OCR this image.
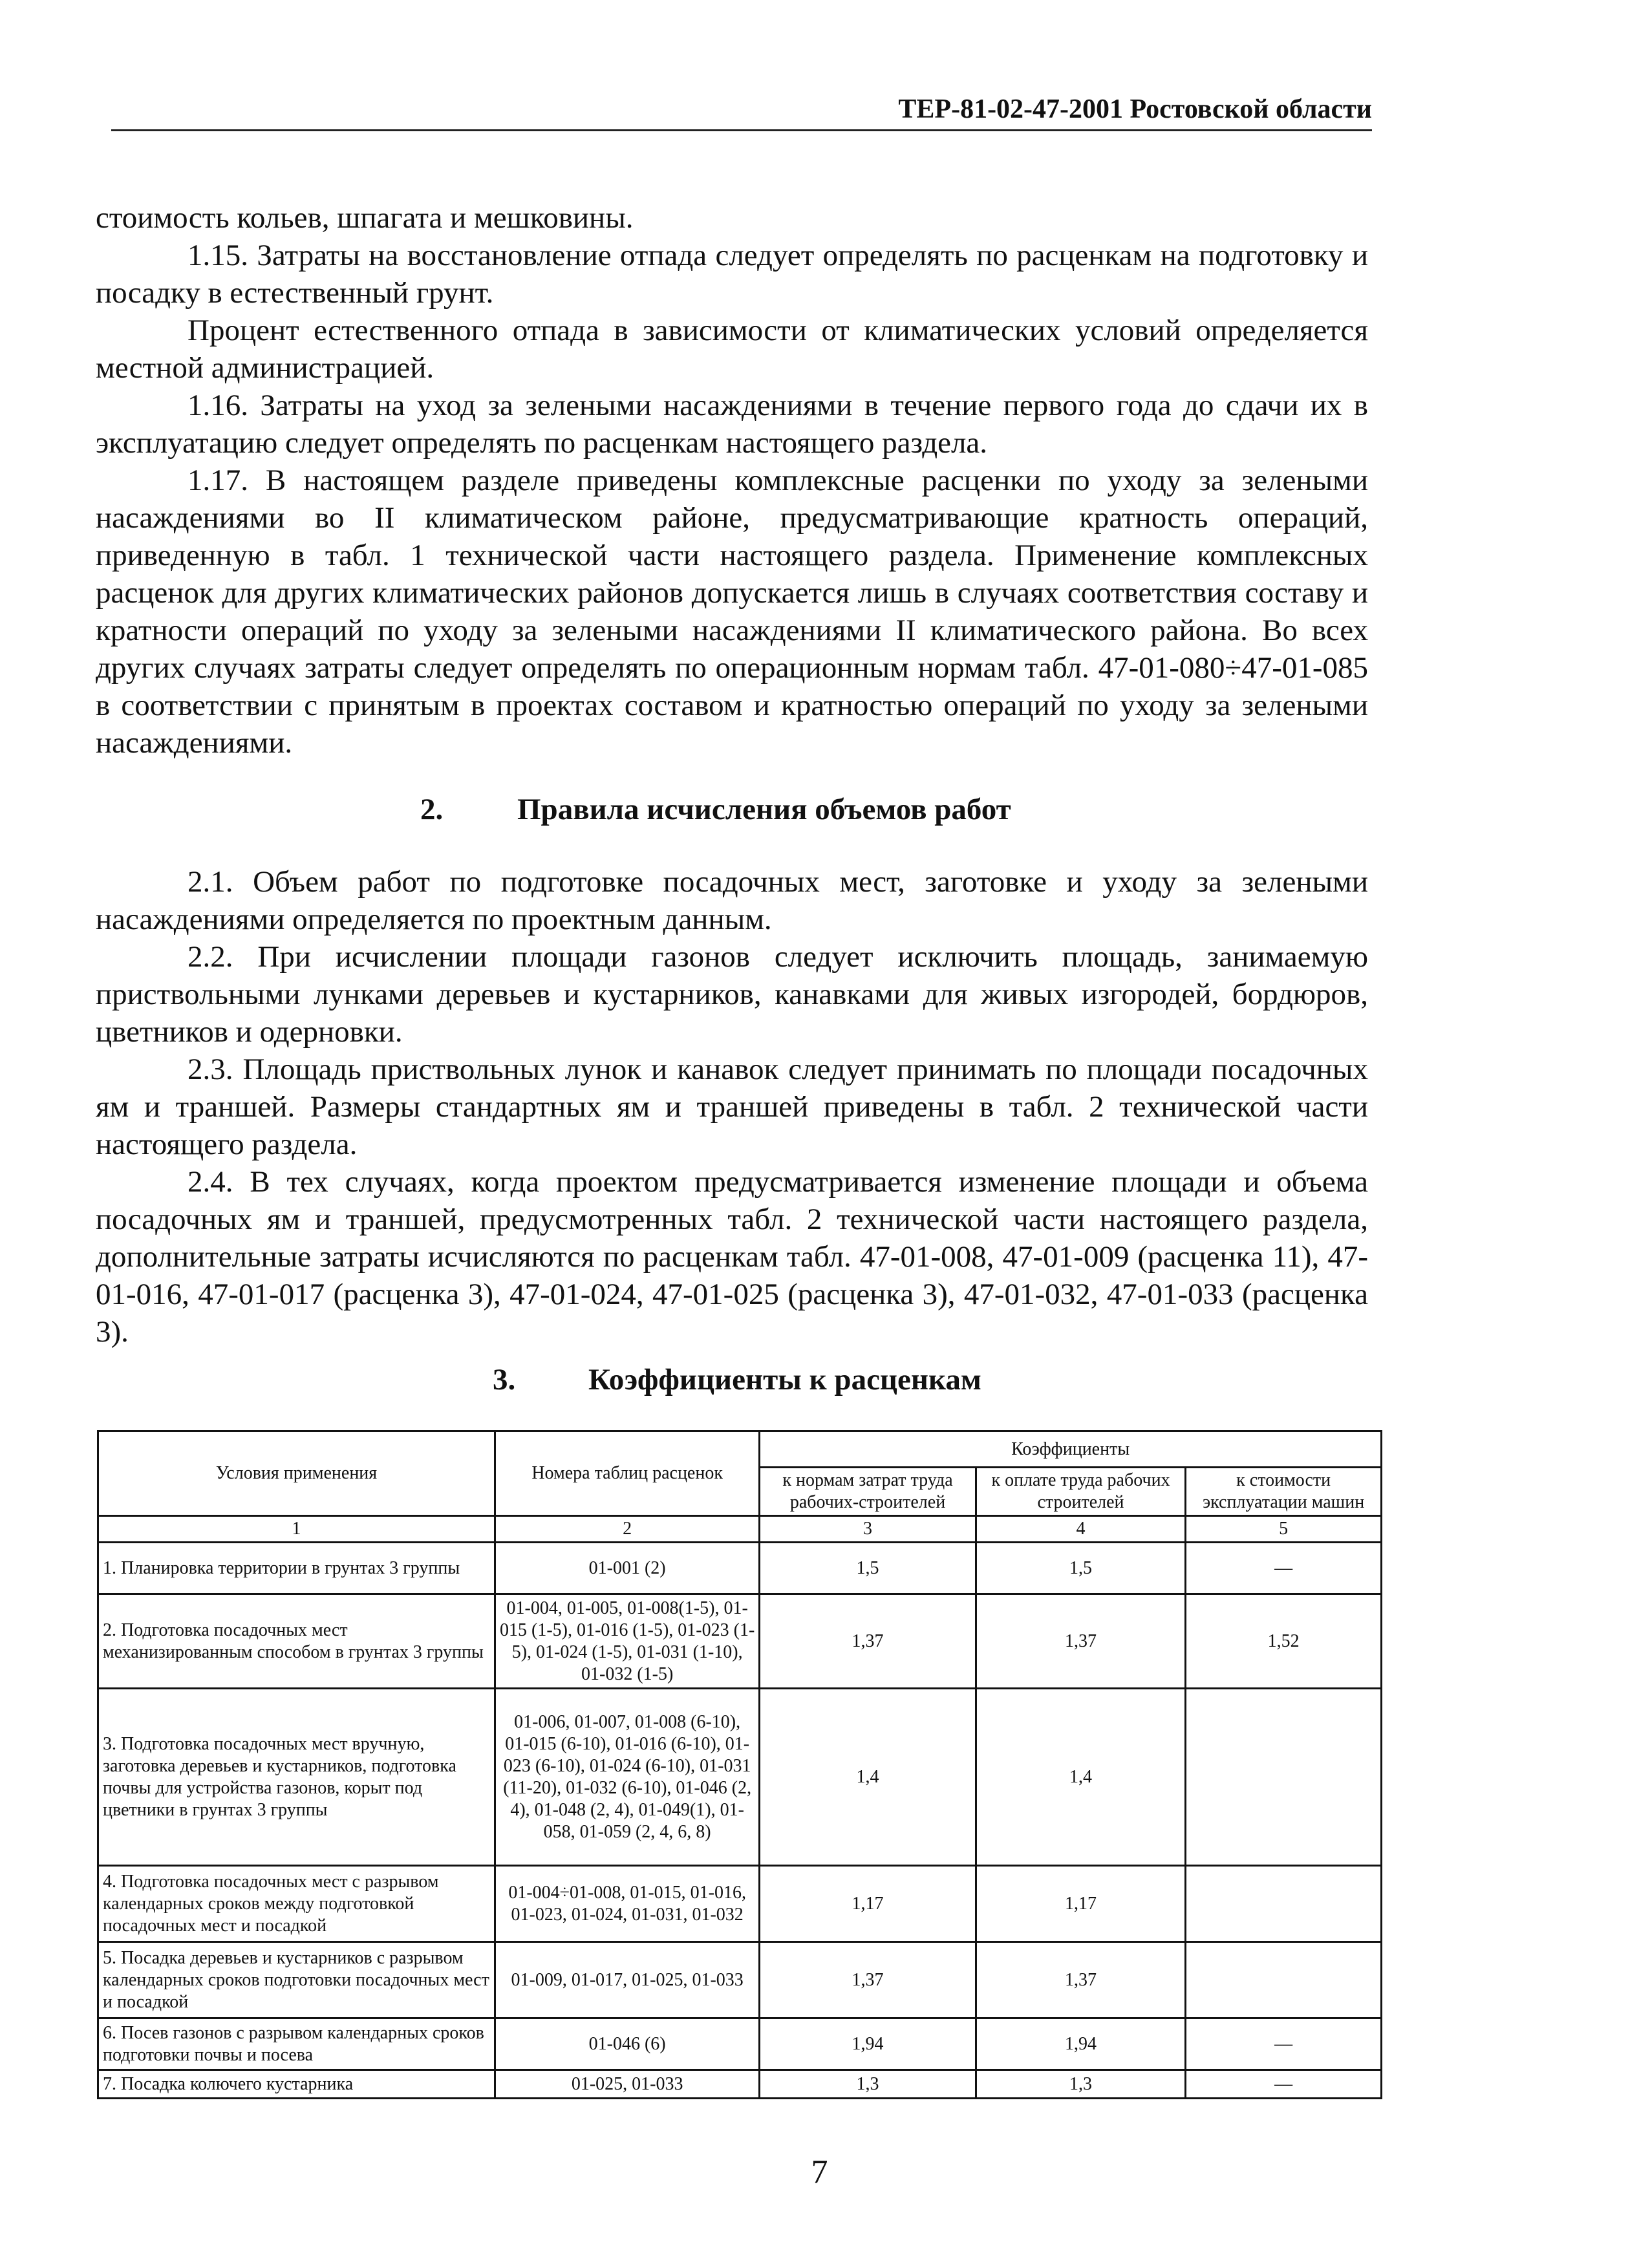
ТЕР-81-02-47-2001 Ростовской области

стоимость кольев, шпагата и мешковины.

1.15. Затраты на восстановление отпада следует определять по расценкам на подготовку и посадку в естественный грунт.

Процент естественного отпада в зависимости от климатических условий определяется местной администрацией.

1.16. Затраты на уход за зелеными насаждениями в течение первого года до сдачи их в эксплуатацию следует определять по расценкам настоящего раздела.

1.17. В настоящем разделе приведены комплексные расценки по уходу за зелеными насаждениями во II климатическом районе, предусматривающие кратность операций, приведенную в табл. 1 технической части настоящего раздела. Применение комплексных расценок для других климатических районов допускается лишь в случаях соответствия составу и кратности операций по уходу за зелеными насаждениями II климатического района. Во всех других случаях затраты следует определять по операционным нормам табл. 47-01-080÷47-01-085 в соответствии с принятым в проектах составом и кратностью операций по уходу за зелеными насаждениями.

2. Правила исчисления объемов работ

2.1. Объем работ по подготовке посадочных мест, заготовке и уходу за зелеными насаждениями определяется по проектным данным.

2.2. При исчислении площади газонов следует исключить площадь, занимаемую приствольными лунками деревьев и кустарников, канавками для живых изгородей, бордюров, цветников и одерновки.

2.3. Площадь приствольных лунок и канавок следует принимать по площади посадочных ям и траншей. Размеры стандартных ям и траншей приведены в табл. 2 технической части настоящего раздела.

2.4. В тех случаях, когда проектом предусматривается изменение площади и объема посадочных ям и траншей, предусмотренных табл. 2 технической части настоящего раздела, дополнительные затраты исчисляются по расценкам табл. 47-01-008, 47-01-009 (расценка 11), 47-01-016, 47-01-017 (расценка 3), 47-01-024, 47-01-025 (расценка 3), 47-01-032, 47-01-033 (расценка 3).

3. Коэффициенты к расценкам
Условия применения	Номера таблиц расценок	Коэффициенты		
		к нормам затрат труда рабочих-строителей	к оплате труда рабочих строителей	к стоимости эксплуатации машин
1	2	3	4	5
1. Планировка территории в грунтах 3 группы	01-001 (2)	1,5	1,5	—
2. Подготовка посадочных мест механизированным способом в грунтах 3 группы	01-004, 01-005, 01-008(1-5), 01-015 (1-5), 01-016 (1-5), 01-023 (1-5), 01-024 (1-5), 01-031 (1-10), 01-032 (1-5)	1,37	1,37	1,52
3. Подготовка посадочных мест вручную, заготовка деревьев и кустарников, подготовка почвы для устройства газонов, корыт под цветники в грунтах 3 группы	01-006, 01-007, 01-008 (6-10), 01-015 (6-10), 01-016 (6-10), 01-023 (6-10), 01-024 (6-10), 01-031 (11-20), 01-032 (6-10), 01-046 (2, 4), 01-048 (2, 4), 01-049(1), 01-058, 01-059 (2, 4, 6, 8)	1,4	1,4	
4. Подготовка посадочных мест с разрывом календарных сроков между подготовкой посадочных мест и посадкой	01-004÷01-008, 01-015, 01-016, 01-023, 01-024, 01-031, 01-032	1,17	1,17	
5. Посадка деревьев и кустарников с разрывом календарных сроков подготовки посадочных мест и посадкой	01-009, 01-017, 01-025, 01-033	1,37	1,37	
6. Посев газонов с разрывом календарных сроков подготовки почвы и посева	01-046 (6)	1,94	1,94	—
7. Посадка колючего кустарника	01-025, 01-033	1,3	1,3	—
7
